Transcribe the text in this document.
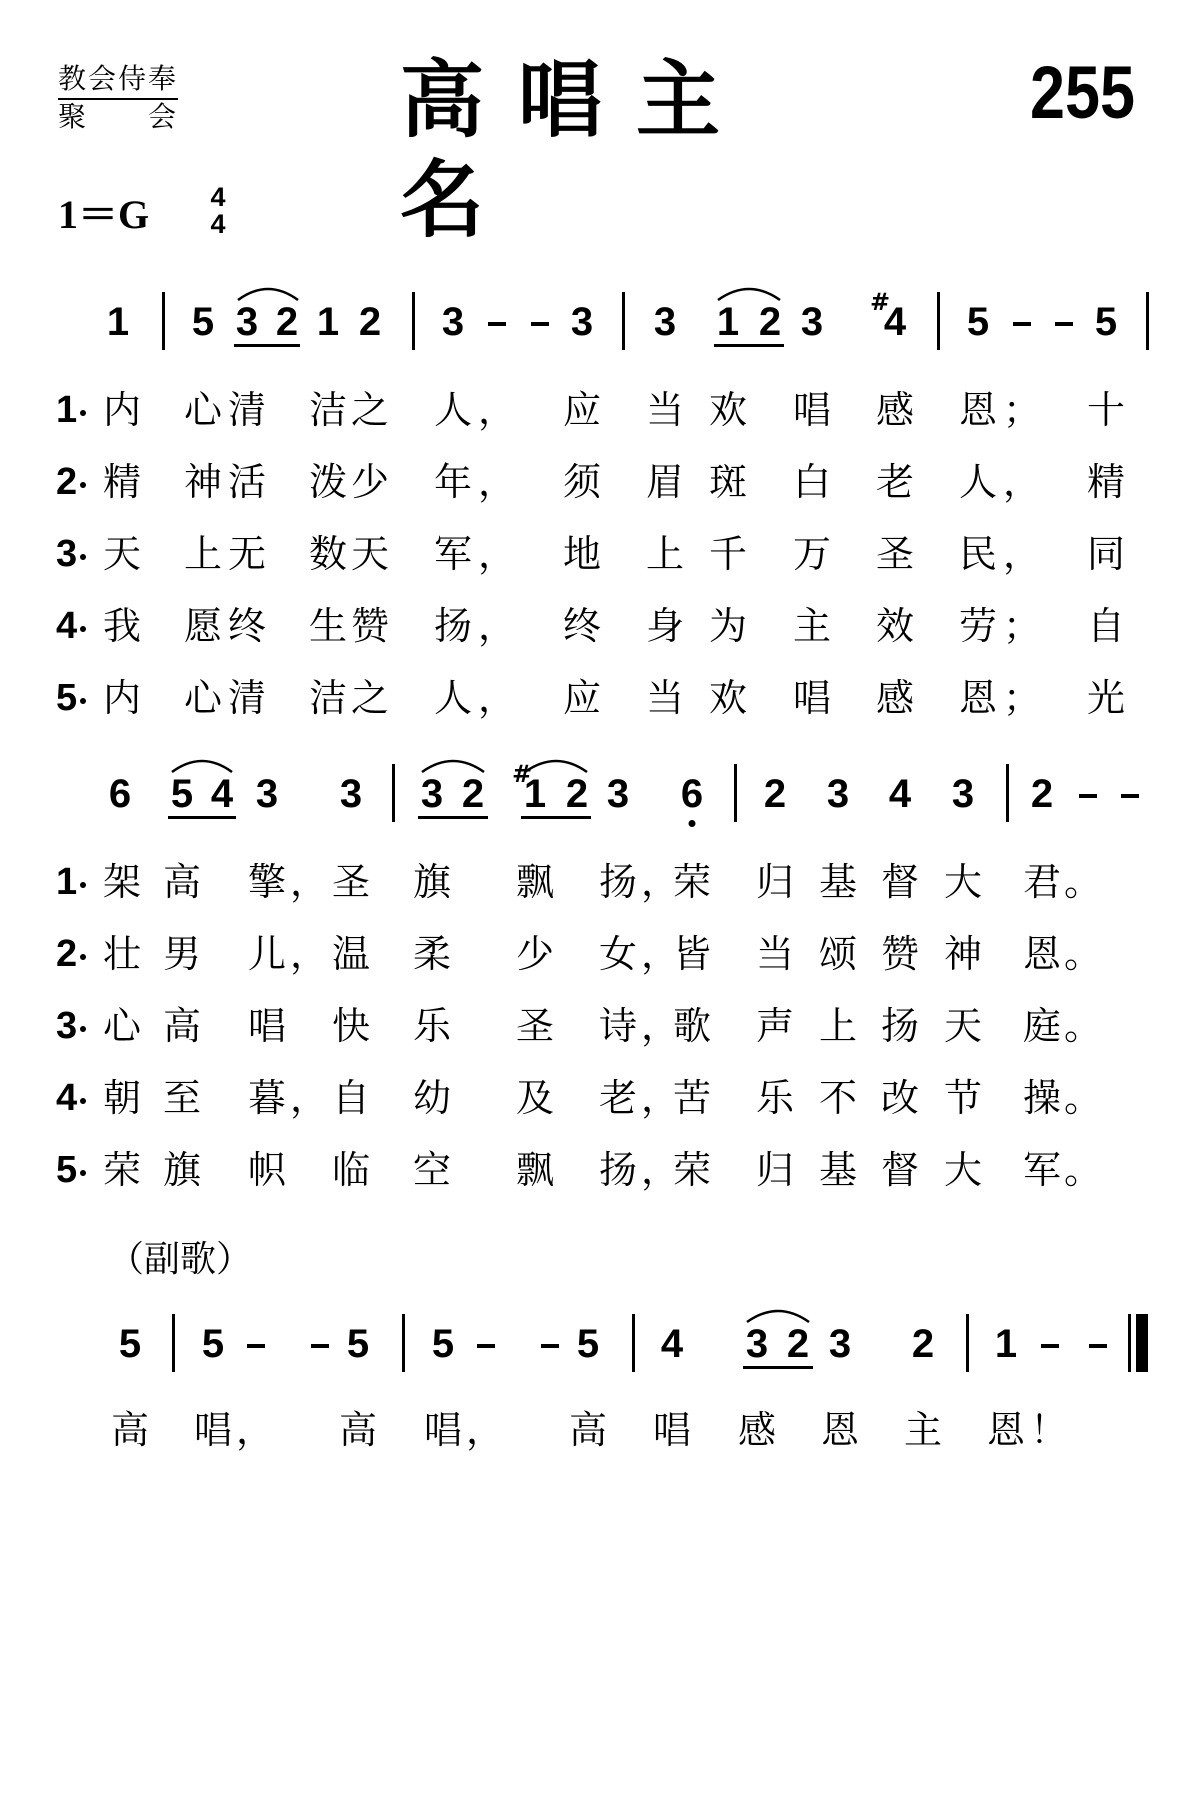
教会侍奉
聚 会	高唱主名
255
1＝G 4
4
1 5 3 2 1 2 3	3 3 1 2 3 #
4 5	5
1 内 心 清 洁 之 人 ， 应 当 欢 唱 感 恩 ； 十
2 精 神 活 泼 少 年 ， 须 眉 斑 白 老 人 ， 精
3 天 上 无 数 天 军 ， 地 上 千 万 圣 民 ， 同
4 我 愿 终 生 赞 扬 ， 终 身 为 主 效 劳 ； 自
5 内 心 清 洁 之 人 ， 应 当 欢 唱 感 恩 ； 光
6 5 4 3 3 3 2 #
1 2 3 6 2 3 4 3 2
1 架 高 擎 ， 圣 旗 飘 扬 ，
荣 归 基 督 大 君 。
2 壮 男 儿 ， 温 柔 少 女 ，
皆 当 颂 赞 神 恩 。
3 心 高 唱 快 乐 圣 诗 ，
歌 声 上 扬 天 庭 。
4 朝 至 暮 ， 自 幼 及 老 ，
苦 乐 不 改 节 操 。
5 荣 旗 帜 临 空 飘 扬 ，
荣 归 基 督 大 军 。
（副歌）
5 5	5 5	5 4 3 2 3 2 1
高 唱 ， 高 唱 ， 高 唱 感 恩 主 恩 ！
